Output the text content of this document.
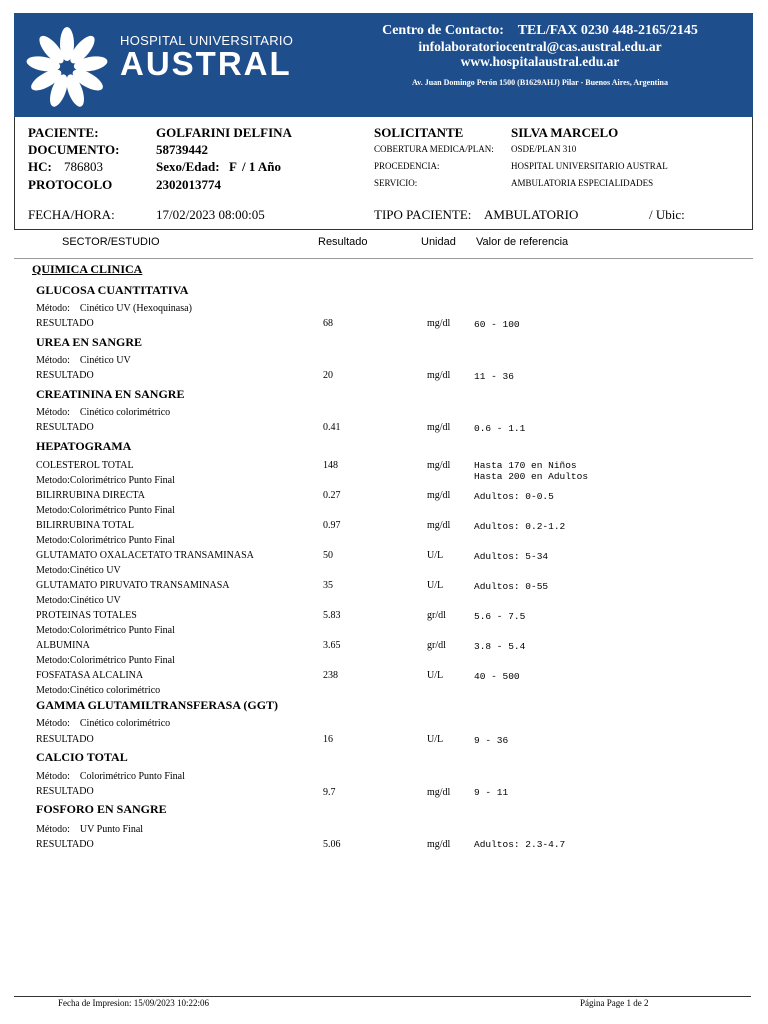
HOSPITAL UNIVERSITARIO
AUSTRAL
Centro de Contacto: TEL/FAX 0230 448-2165/2145
infolaboratoriocentral@cas.austral.edu.ar
www.hospitalaustral.edu.ar
Av. Juan Domingo Perón 1500 (B1629AHJ) Pilar - Buenos Aires, Argentina
PACIENTE:	GOLFARINI DELFINA
DOCUMENTO:	58739442
HC: 786803	Sexo/Edad: F / 1 Año
PROTOCOLO	2302013774
SOLICITANTE	SILVA MARCELO
COBERTURA MEDICA/PLAN: OSDE/PLAN 310
PROCEDENCIA:	HOSPITAL UNIVERSITARIO AUSTRAL
SERVICIO:	AMBULATORIA ESPECIALIDADES
FECHA/HORA:	17/02/2023 08:00:05	TIPO PACIENTE: AMBULATORIO	/ Ubic:
SECTOR/ESTUDIO	Resultado	Unidad Valor de referencia
QUIMICA CLINICA
GLUCOSA CUANTITATIVA
Método: Cinético UV (Hexoquinasa)
RESULTADO	68	mg/dl 60 - 100
UREA EN SANGRE
Método: Cinético UV
RESULTADO	20	mg/dl 11 - 36
CREATININA EN SANGRE
Método: Cinético colorimétrico
RESULTADO	0.41	mg/dl 0.6 - 1.1
HEPATOGRAMA
COLESTEROL TOTAL	148	mg/dl Hasta 170 en Niños
Hasta 200 en Adultos
Metodo:Colorimétrico Punto Final
BILIRRUBINA DIRECTA	0.27	mg/dl Adultos: 0-0.5
Metodo:Colorimétrico Punto Final
BILIRRUBINA TOTAL	0.97	mg/dl Adultos: 0.2-1.2
Metodo:Colorimétrico Punto Final
GLUTAMATO OXALACETATO TRANSAMINASA	50	U/L	Adultos: 5-34
Metodo:Cinético UV
GLUTAMATO PIRUVATO TRANSAMINASA	35	U/L	Adultos: 0-55
Metodo:Cinético UV
PROTEINAS TOTALES	5.83	gr/dl	5.6 - 7.5
Metodo:Colorimétrico Punto Final
ALBUMINA	3.65	gr/dl	3.8 - 5.4
Metodo:Colorimétrico Punto Final
FOSFATASA ALCALINA	238	U/L	40 - 500
Metodo:Cinético colorimétrico
GAMMA GLUTAMILTRANSFERASA (GGT)
Método: Cinético colorimétrico
RESULTADO	16	U/L	9 - 36
CALCIO TOTAL
Método: Colorimétrico Punto Final
RESULTADO	9.7	mg/dl 9 - 11
FOSFORO EN SANGRE
Método: UV Punto Final
RESULTADO	5.06	mg/dl Adultos: 2.3-4.7
Fecha de Impresion: 15/09/2023 10:22:06	Página Page 1 de 2
